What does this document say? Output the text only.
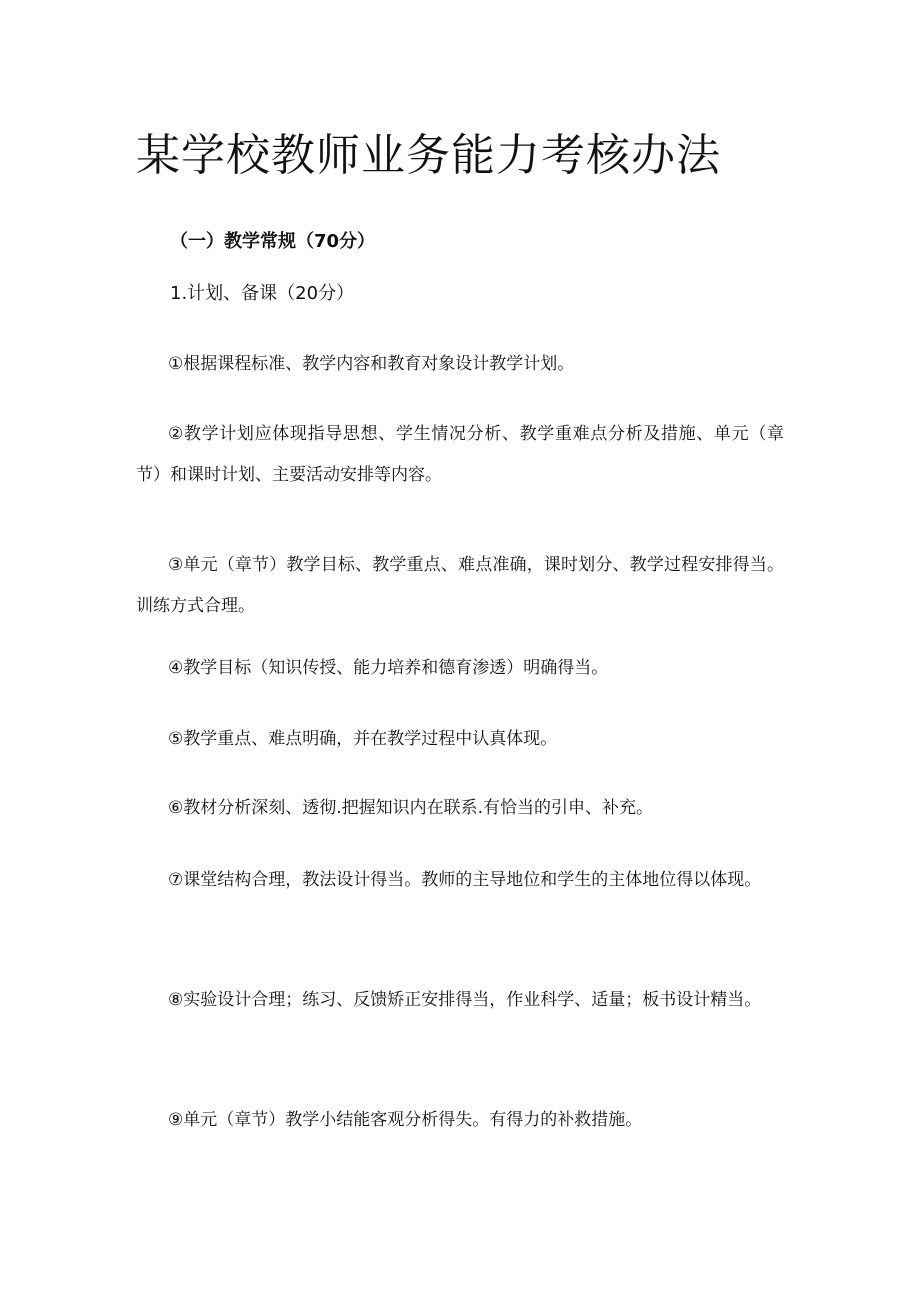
某学校教师业务能力考核办法

（一）教学常规（70分）

1.计划、备课（20分）

①根据课程标准、教学内容和教育对象设计教学计划。

②教学计划应体现指导思想、学生情况分析、教学重难点分析及措施、单元（章节）和课时计划、主要活动安排等内容。

③单元（章节）教学目标、教学重点、难点准确，课时划分、教学过程安排得当。训练方式合理。

④教学目标（知识传授、能力培养和德育渗透）明确得当。

⑤教学重点、难点明确，并在教学过程中认真体现。

⑥教材分析深刻、透彻.把握知识内在联系.有恰当的引申、补充。

⑦课堂结构合理，教法设计得当。教师的主导地位和学生的主体地位得以体现。

⑧实验设计合理；练习、反馈矫正安排得当，作业科学、适量；板书设计精当。

⑨单元（章节）教学小结能客观分析得失。有得力的补救措施。
